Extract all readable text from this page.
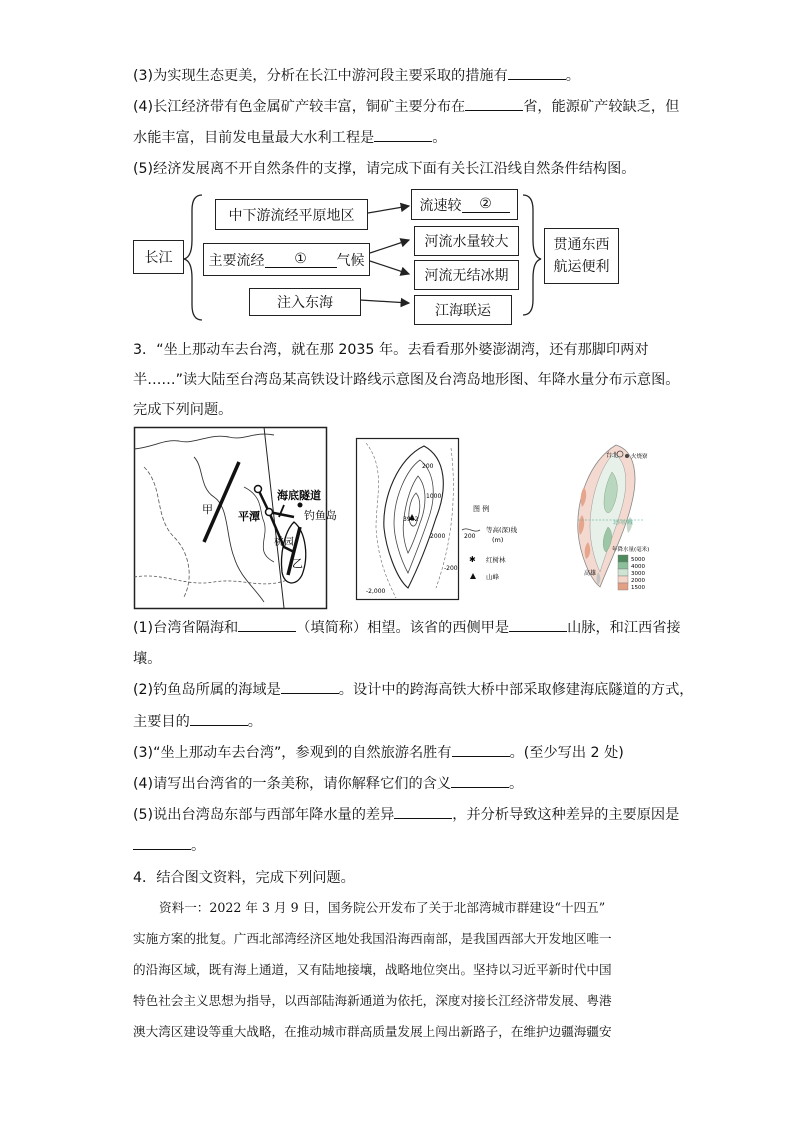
(3)为实现生态更美，分析在长江中游河段主要采取的措施有	。
(4)长江经济带有色金属矿产较丰富，铜矿主要分布在	省，能源矿产较缺乏，但
水能丰富，目前发电量最大水利工程是	。
(5)经济发展离不开自然条件的支撑，请完成下面有关长江沿线自然条件结构图。
长江
中下游流经平原地区
主要流经	①	气候
注入东海
流速较	②
河流水量较大
河流无结冰期
江海联运
贯通东西
航运便利
3．“坐上那动车去台湾，就在那 2035 年。去看看那外婆澎湖湾，还有那脚印两对
半……”读大陆至台湾岛某高铁设计路线示意图及台湾岛地形图、年降水量分布示意图。
完成下列问题。
甲
海底隧道
平潭	钓鱼岛
桃园
乙
3952
200
1000
2000
-200
-2,000
图 例
200
等高(深)线
(m)
✱ 红树林
山峰
台北 火烧寮
高雄
北回归线
年降水量(毫米)
5000
4000
3000
2000
1500
(1)台湾省隔海和	（填简称）相望。该省的西侧甲是	山脉，和江西省接
壤。
(2)钓鱼岛所属的海域是	。设计中的跨海高铁大桥中部采取修建海底隧道的方式，
主要目的	。
(3)“坐上那动车去台湾”，参观到的自然旅游名胜有	。(至少写出 2 处)
(4)请写出台湾省的一条美称，请你解释它们的含义	。
(5)说出台湾岛东部与西部年降水量的差异	，并分析导致这种差异的主要原因是
。
4．结合图文资料，完成下列问题。
资料一：2022 年 3 月 9 日，国务院公开发布了关于北部湾城市群建设“十四五”
实施方案的批复。广西北部湾经济区地处我国沿海西南部，是我国西部大开发地区唯一
的沿海区域，既有海上通道，又有陆地接壤，战略地位突出。坚持以习近平新时代中国
特色社会主义思想为指导，以西部陆海新通道为依托，深度对接长江经济带发展、粤港
澳大湾区建设等重大战略，在推动城市群高质量发展上闯出新路子，在维护边疆海疆安
